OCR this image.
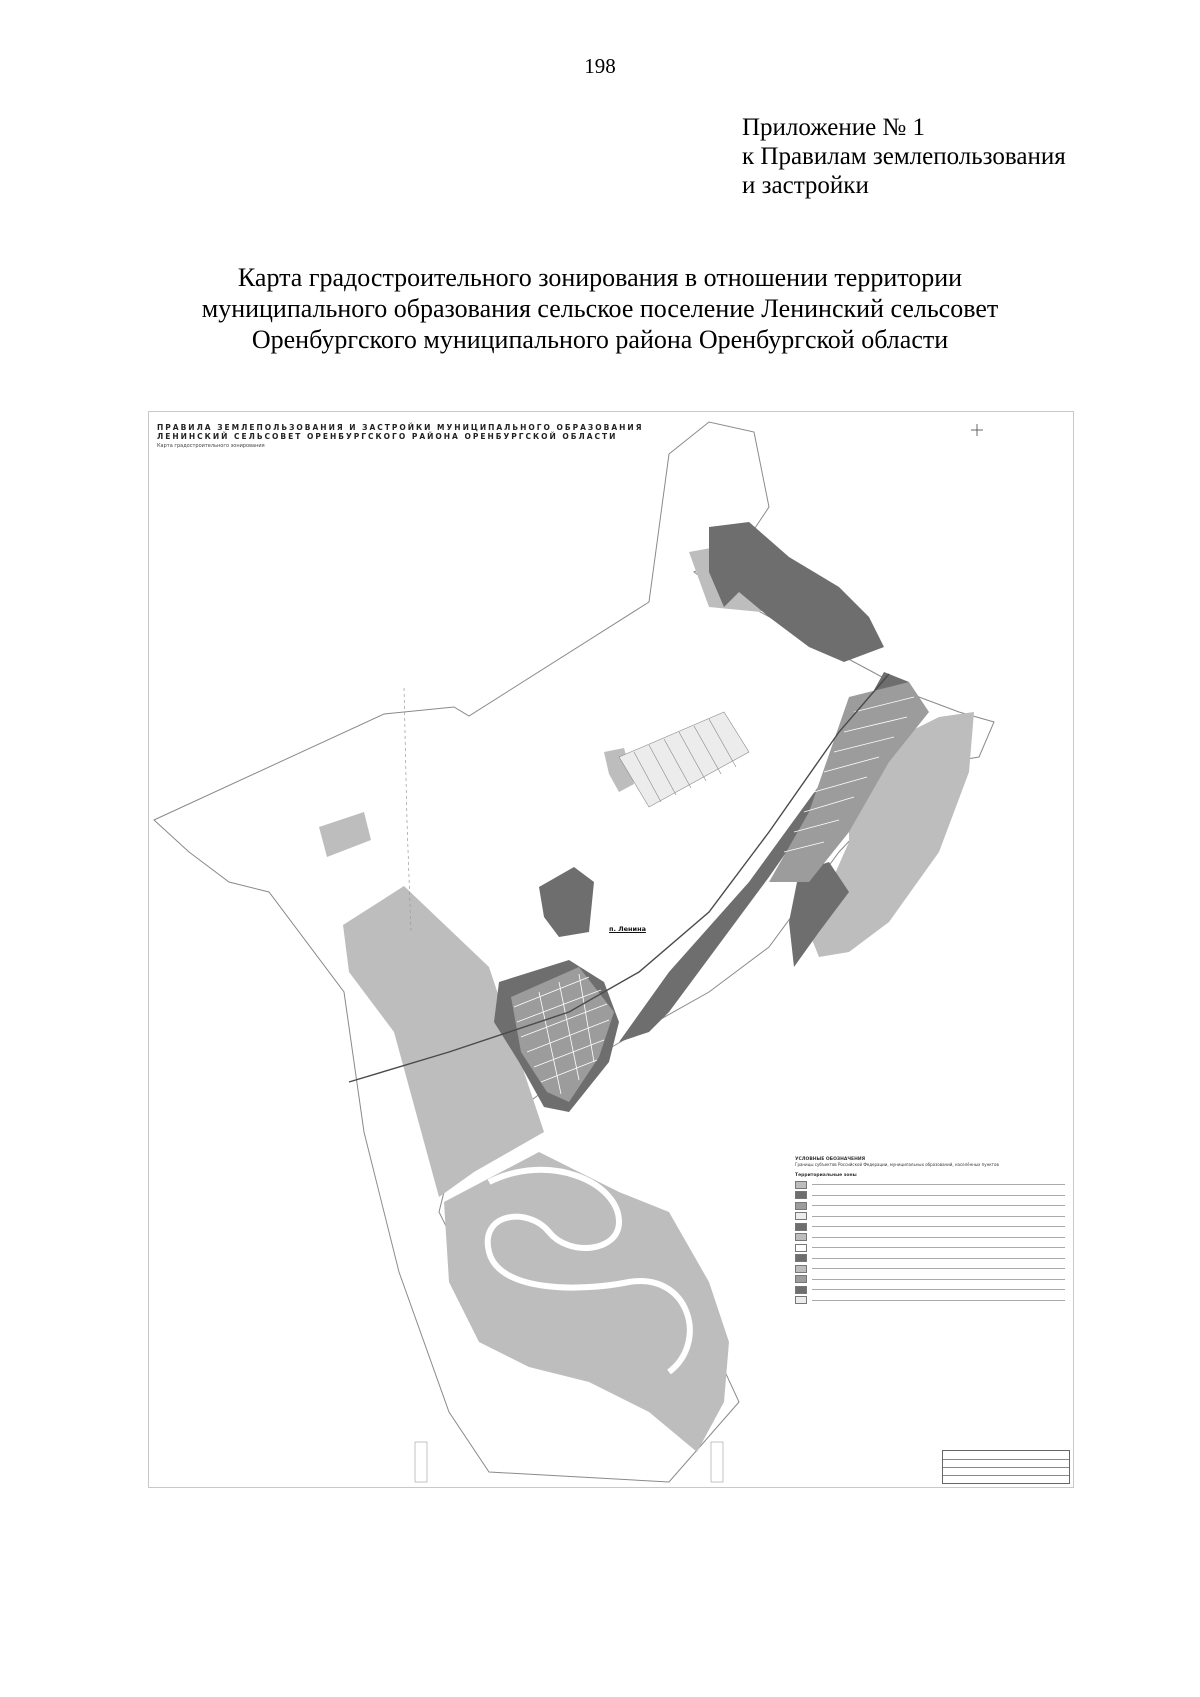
198
Приложение № 1
к Правилам землепользования
и застройки
Карта градостроительного зонирования в отношении территории
муниципального образования сельское поселение Ленинский сельсовет
Оренбургского муниципального района Оренбургской области
ПРАВИЛА ЗЕМЛЕПОЛЬЗОВАНИЯ И ЗАСТРОЙКИ МУНИЦИПАЛЬНОГО ОБРАЗОВАНИЯ
ЛЕНИНСКИЙ СЕЛЬСОВЕТ ОРЕНБУРГСКОГО РАЙОНА ОРЕНБУРГСКОЙ ОБЛАСТИ
Карта градостроительного зонирования
п. Ленина
УСЛОВНЫЕ ОБОЗНАЧЕНИЯ
Границы субъектов Российской Федерации, муниципальных образований, населённых пунктов
Территориальные зоны
